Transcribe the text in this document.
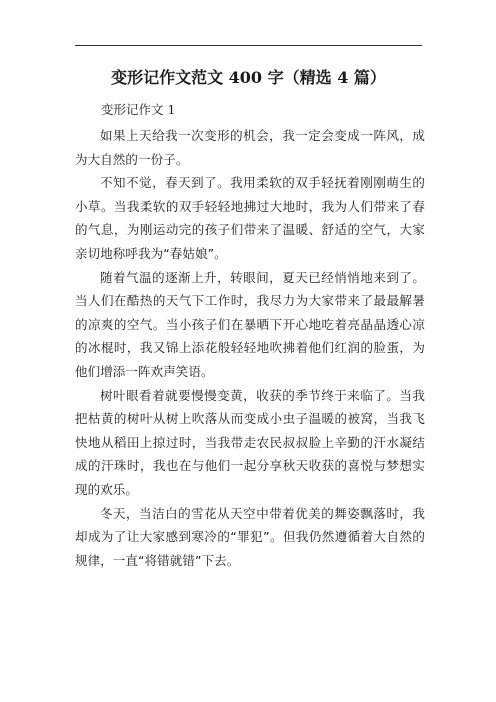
变形记作文范文 400 字（精选 4 篇）
变形记作文 1

如果上天给我一次变形的机会，我一定会变成一阵风，成为大自然的一份子。

不知不觉，春天到了。我用柔软的双手轻抚着刚刚萌生的小草。当我柔软的双手轻轻地拂过大地时，我为人们带来了春的气息，为刚运动完的孩子们带来了温暖、舒适的空气，大家亲切地称呼我为“春姑娘”。

随着气温的逐渐上升，转眼间，夏天已经悄悄地来到了。当人们在酷热的天气下工作时，我尽力为大家带来了最最解暑的凉爽的空气。当小孩子们在暴晒下开心地吃着亮晶晶透心凉的冰棍时，我又锦上添花般轻轻地吹拂着他们红润的脸蛋，为他们增添一阵欢声笑语。

树叶眼看着就要慢慢变黄，收获的季节终于来临了。当我把枯黄的树叶从树上吹落从而变成小虫子温暖的被窝，当我飞快地从稻田上掠过时，当我带走农民叔叔脸上辛勤的汗水凝结成的汗珠时，我也在与他们一起分享秋天收获的喜悦与梦想实现的欢乐。

冬天，当洁白的雪花从天空中带着优美的舞姿飘落时，我却成为了让大家感到寒冷的“罪犯”。但我仍然遵循着大自然的规律，一直“将错就错”下去。
